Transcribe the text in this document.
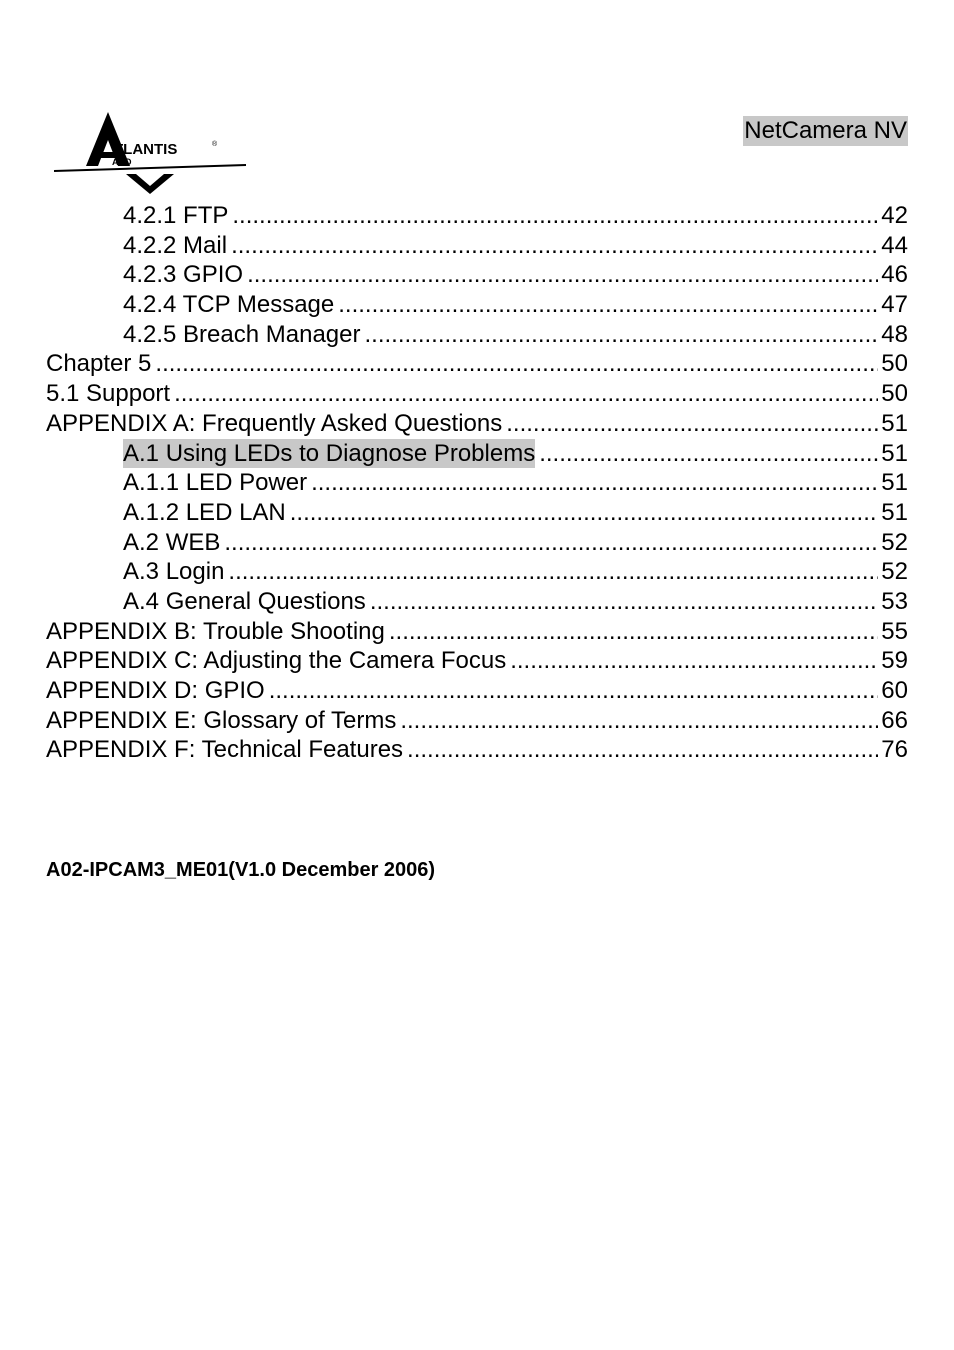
TLANTIS	®
AND
NetCamera NV
4.2.1 FTP .....	42
4.2.2 Mail .....	44
4.2.3 GPIO .....	46
4.2.4 TCP Message .....	47
4.2.5 Breach Manager .....	48
Chapter 5 .....	50
5.1 Support .....	50
APPENDIX A: Frequently Asked Questions .....	51
A.1 Using LEDs to Diagnose Problems .....	51
A.1.1 LED Power .....	51
A.1.2 LED LAN .....	51
A.2 WEB .....	52
A.3 Login .....	52
A.4 General Questions .....	53
APPENDIX B: Trouble Shooting .....	55
APPENDIX C: Adjusting the Camera Focus .....	59
APPENDIX D: GPIO .....	60
APPENDIX E: Glossary of Terms .....	66
APPENDIX F: Technical Features .....	76
A02-IPCAM3_ME01(V1.0 December 2006)
